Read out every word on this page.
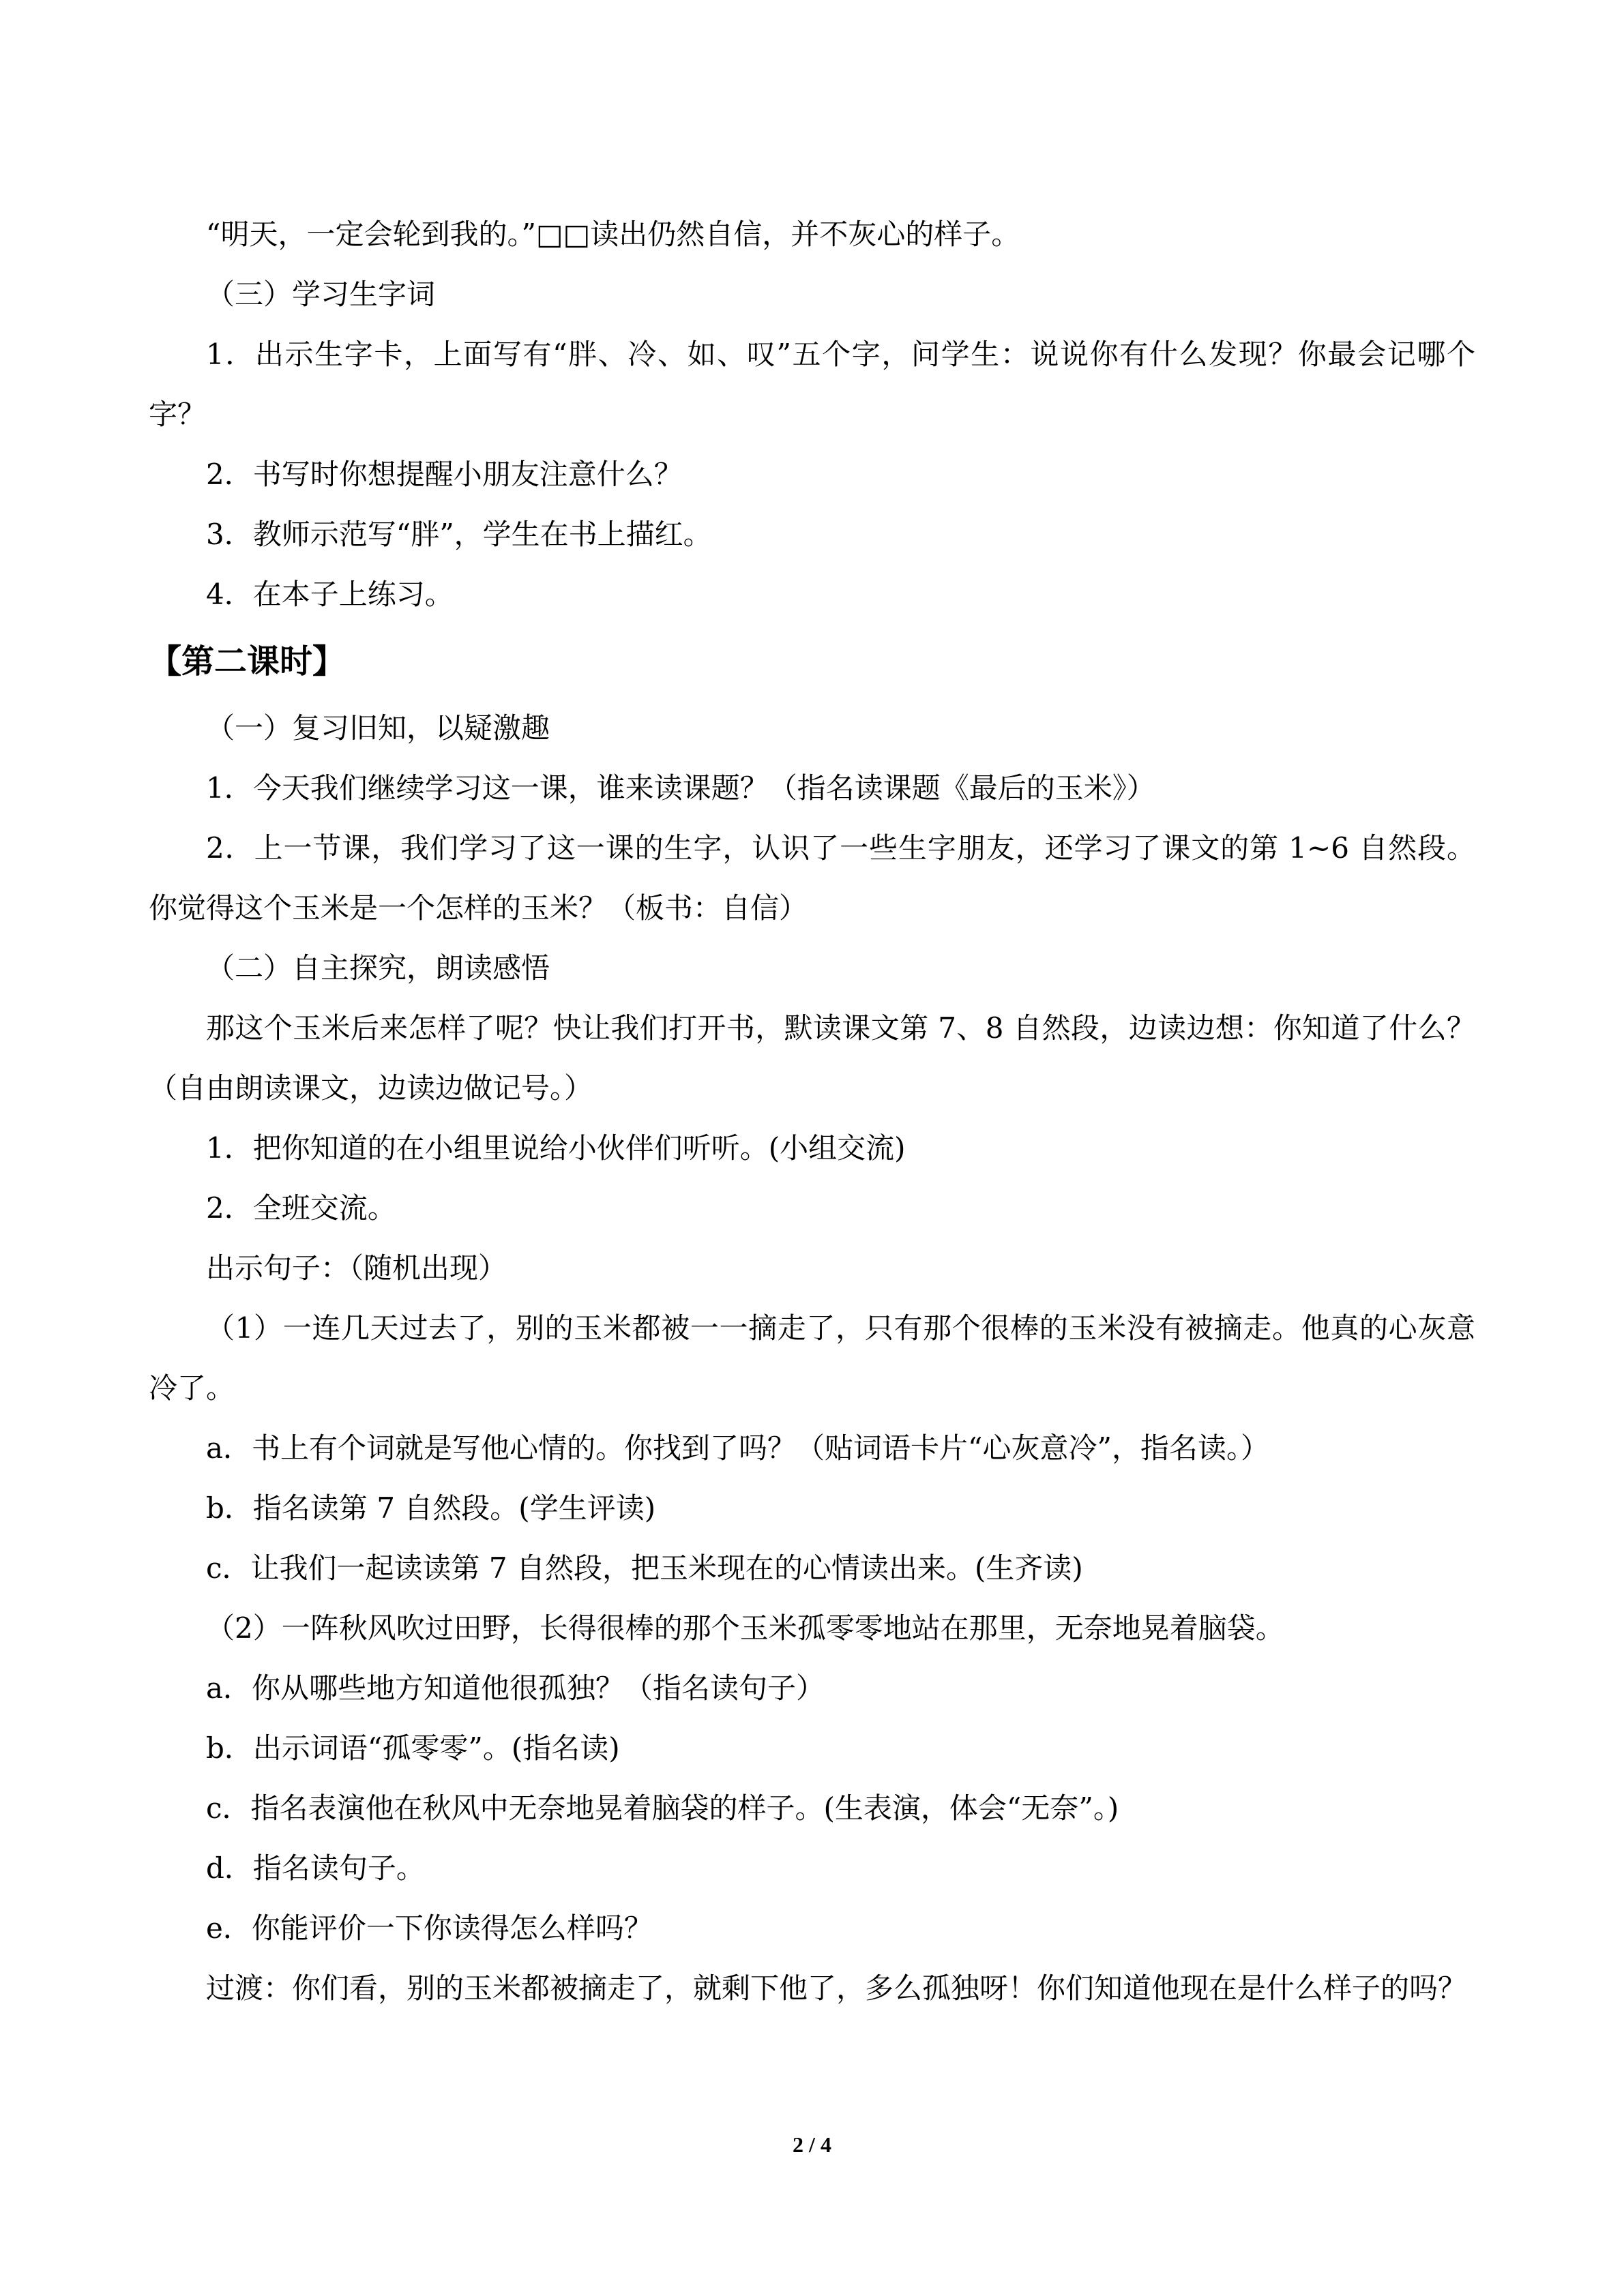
“明天，一定会轮到我的。”□□读出仍然自信，并不灰心的样子。

（三）学习生字词

1．出示生字卡，上面写有“胖、冷、如、叹”五个字，问学生：说说你有什么发现？你最会记哪个字？

2．书写时你想提醒小朋友注意什么？

3．教师示范写“胖”，学生在书上描红。

4．在本子上练习。

【第二课时】

（一）复习旧知，以疑激趣

1．今天我们继续学习这一课，谁来读课题？（指名读课题《最后的玉米》）

2．上一节课，我们学习了这一课的生字，认识了一些生字朋友，还学习了课文的第 1~6 自然段。你觉得这个玉米是一个怎样的玉米？（板书：自信）

（二）自主探究，朗读感悟

那这个玉米后来怎样了呢？快让我们打开书，默读课文第 7、8 自然段，边读边想：你知道了什么？（自由朗读课文，边读边做记号。）

1．把你知道的在小组里说给小伙伴们听听。(小组交流)

2．全班交流。

出示句子：（随机出现）

（1）一连几天过去了，别的玉米都被一一摘走了，只有那个很棒的玉米没有被摘走。他真的心灰意冷了。

a．书上有个词就是写他心情的。你找到了吗？（贴词语卡片“心灰意冷”，指名读。）

b．指名读第 7 自然段。(学生评读)

c．让我们一起读读第 7 自然段，把玉米现在的心情读出来。(生齐读)

（2）一阵秋风吹过田野，长得很棒的那个玉米孤零零地站在那里，无奈地晃着脑袋。

a．你从哪些地方知道他很孤独？（指名读句子）

b．出示词语“孤零零”。(指名读)

c．指名表演他在秋风中无奈地晃着脑袋的样子。(生表演，体会“无奈”。)

d．指名读句子。

e．你能评价一下你读得怎么样吗？

过渡：你们看，别的玉米都被摘走了，就剩下他了，多么孤独呀！你们知道他现在是什么样子的吗？

2 / 4
